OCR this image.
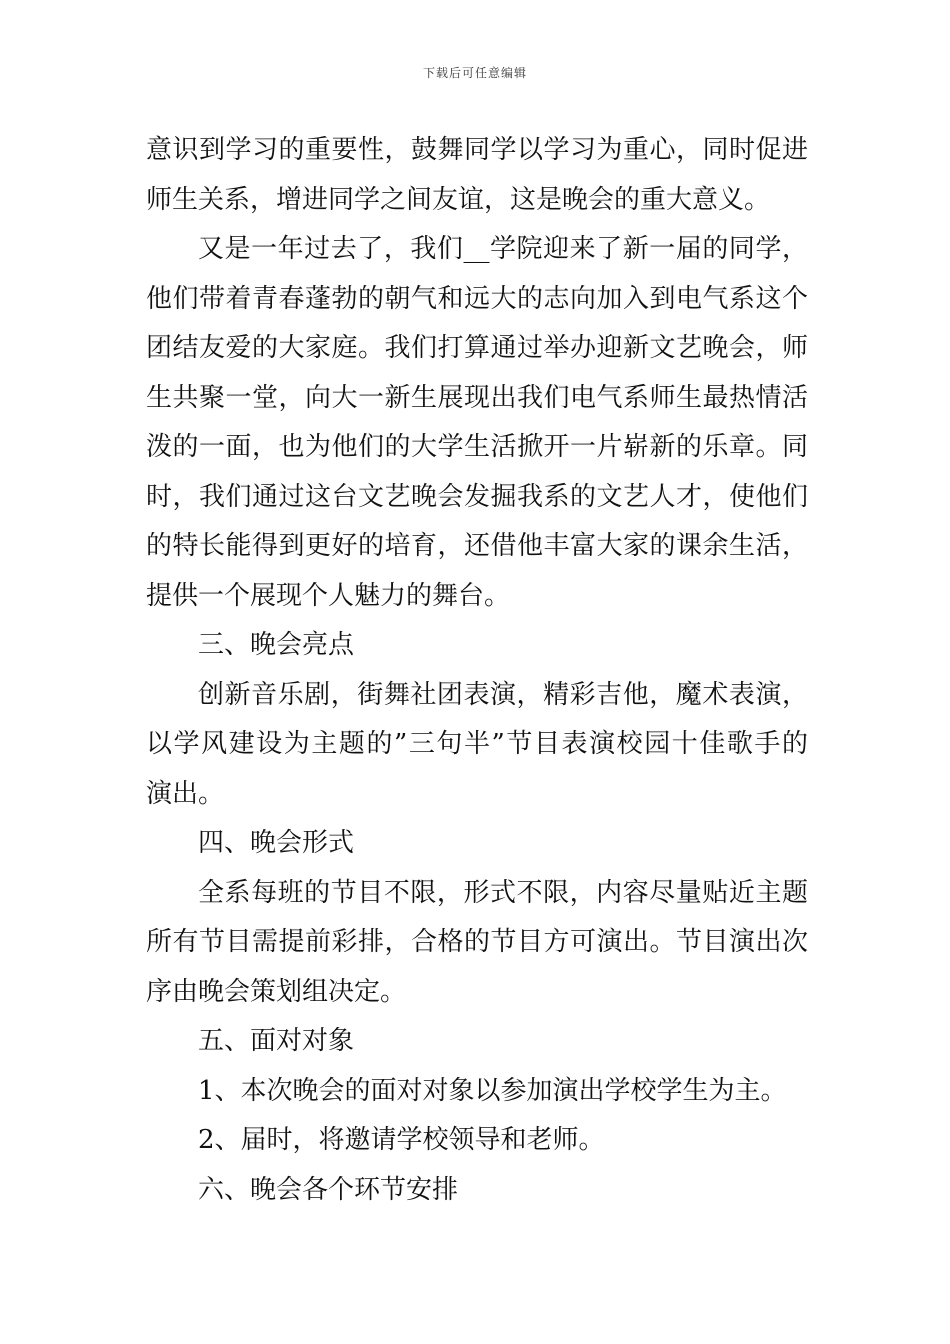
下载后可任意编辑
意识到学习的重要性，鼓舞同学以学习为重心，同时促进
师生关系，增进同学之间友谊，这是晚会的重大意义。
又是一年过去了，我们__学院迎来了新一届的同学，
他们带着青春蓬勃的朝气和远大的志向加入到电气系这个
团结友爱的大家庭。我们打算通过举办迎新文艺晚会，师
生共聚一堂，向大一新生展现出我们电气系师生最热情活
泼的一面，也为他们的大学生活掀开一片崭新的乐章。同
时，我们通过这台文艺晚会发掘我系的文艺人才，使他们
的特长能得到更好的培育，还借他丰富大家的课余生活，
提供一个展现个人魅力的舞台。
三、晚会亮点
创新音乐剧，街舞社团表演，精彩吉他，魔术表演，
以学风建设为主题的”三句半”节目表演校园十佳歌手的
演出。
四、晚会形式
全系每班的节目不限，形式不限，内容尽量贴近主题
所有节目需提前彩排，合格的节目方可演出。节目演出次
序由晚会策划组决定。
五、面对对象
1、本次晚会的面对对象以参加演出学校学生为主。
2、届时，将邀请学校领导和老师。
六、晚会各个环节安排
